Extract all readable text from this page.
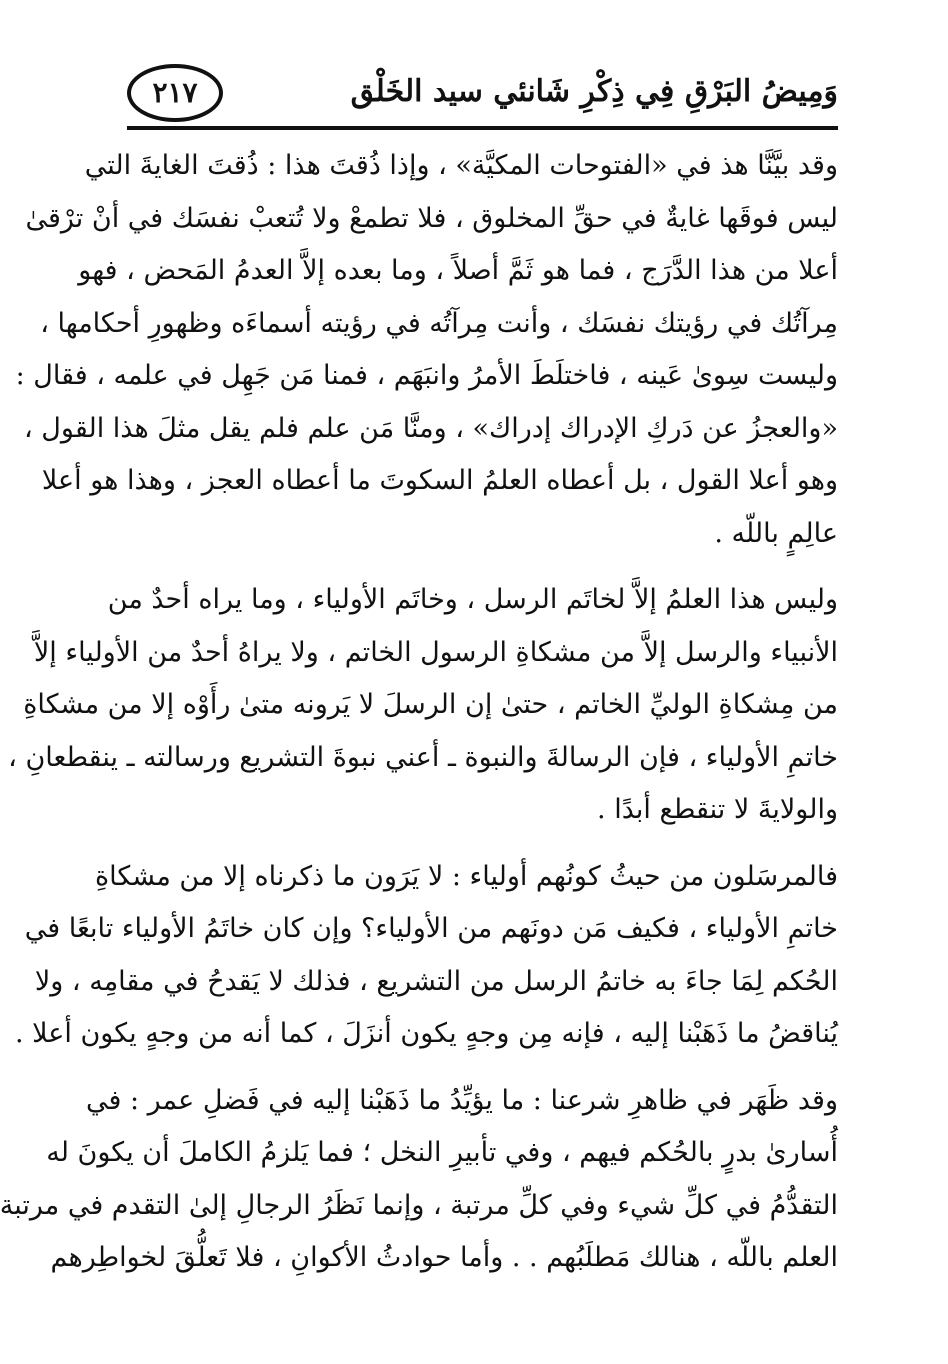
وَمِيضُ البَرْقِ فِي ذِكْرِ شَانئي سيد الخَلْق
٢١٧
وقد بيَّنَّا هذ في «الفتوحات المكيَّة» ، وإذا ذُقتَ هذا : ذُقتَ الغايةَ التي
ليس فوقَها غايةٌ في حقِّ المخلوق ، فلا تطمعْ ولا تُتعبْ نفسَك في أنْ ترْقىٰ
أعلا من هذا الدَّرَج ، فما هو ثَمَّ أصلاً ، وما بعده إلاَّ العدمُ المَحض ، فهو
مِرآتُك في رؤيتك نفسَك ، وأنت مِرآتُه في رؤيته أسماءَه وظهورِ أحكامها ،
وليست سِوىٰ عَينه ، فاختلَطَ الأمرُ وانبَهَم ، فمنا مَن جَهِل في علمه ، فقال :
«والعجزُ عن دَركِ الإدراك إدراك» ، ومنَّا مَن علم فلم يقل مثلَ هذا القول ،
وهو أعلا القول ، بل أعطاه العلمُ السكوتَ ما أعطاه العجز ، وهذا هو أعلا
عالِمٍ باللّه .
وليس هذا العلمُ إلاَّ لخاتَم الرسل ، وخاتَم الأولياء ، وما يراه أحدٌ من
الأنبياء والرسل إلاَّ من مشكاةِ الرسول الخاتم ، ولا يراهُ أحدٌ من الأولياء إلاَّ
من مِشكاةِ الوليِّ الخاتم ، حتىٰ إن الرسلَ لا يَرونه متىٰ رأَوْه إلا من مشكاةِ
خاتمِ الأولياء ، فإن الرسالةَ والنبوة ـ أعني نبوةَ التشريع ورسالته ـ ينقطعانِ ،
والولايةَ لا تنقطع أبدًا .
فالمرسَلون من حيثُ كونُهم أولياء : لا يَرَون ما ذكرناه إلا من مشكاةِ
خاتمِ الأولياء ، فكيف مَن دونَهم من الأولياء؟ وإن كان خاتَمُ الأولياء تابعًا في
الحُكم لِمَا جاءَ به خاتمُ الرسل من التشريع ، فذلك لا يَقدحُ في مقامِه ، ولا
يُناقضُ ما ذَهَبْنا إليه ، فإنه مِن وجهٍ يكون أنزَلَ ، كما أنه من وجهٍ يكون أعلا .
وقد ظَهَر في ظاهرِ شرعنا : ما يؤيِّدُ ما ذَهَبْنا إليه في فَضلِ عمر : في
أُسارىٰ بدرٍ بالحُكم فيهم ، وفي تأبيرِ النخل ؛ فما يَلزمُ الكاملَ أن يكونَ له
التقدُّمُ في كلِّ شيء وفي كلِّ مرتبة ، وإنما نَظَرُ الرجالِ إلىٰ التقدم في مرتبة
العلم باللّه ، هنالك مَطلَبُهم . . وأما حوادثُ الأكوانِ ، فلا تَعلُّقَ لخواطِرهم
